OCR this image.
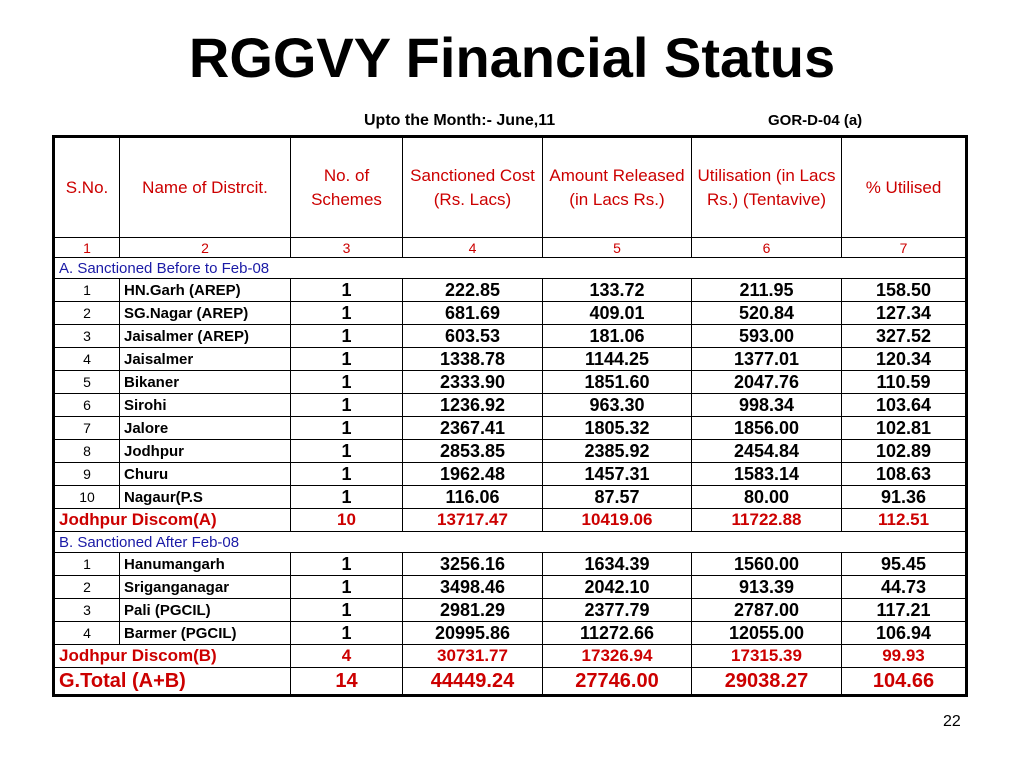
RGGVY Financial Status
Upto the Month:- June,11	GOR-D-04 (a)
S.No.	Name of Distrcit.	No. of Schemes	Sanctioned Cost (Rs. Lacs)	Amount Released (in Lacs Rs.)	Utilisation (in Lacs Rs.) (Tentavive)	% Utilised
1	2	3	4	5	6	7
A. Sanctioned Before to Feb-08						
1	HN.Garh (AREP)	1	222.85	133.72	211.95	158.50
2	SG.Nagar (AREP)	1	681.69	409.01	520.84	127.34
3	Jaisalmer (AREP)	1	603.53	181.06	593.00	327.52
4	Jaisalmer	1	1338.78	1144.25	1377.01	120.34
5	Bikaner	1	2333.90	1851.60	2047.76	110.59
6	Sirohi	1	1236.92	963.30	998.34	103.64
7	Jalore	1	2367.41	1805.32	1856.00	102.81
8	Jodhpur	1	2853.85	2385.92	2454.84	102.89
9	Churu	1	1962.48	1457.31	1583.14	108.63
10	Nagaur(P.S	1	116.06	87.57	80.00	91.36
Jodhpur Discom(A)		10	13717.47	10419.06	11722.88	112.51
B. Sanctioned After Feb-08						
1	Hanumangarh	1	3256.16	1634.39	1560.00	95.45
2	Sriganganagar	1	3498.46	2042.10	913.39	44.73
3	Pali (PGCIL)	1	2981.29	2377.79	2787.00	117.21
4	Barmer (PGCIL)	1	20995.86	11272.66	12055.00	106.94
Jodhpur Discom(B)		4	30731.77	17326.94	17315.39	99.93
G.Total (A+B)		14	44449.24	27746.00	29038.27	104.66
22
